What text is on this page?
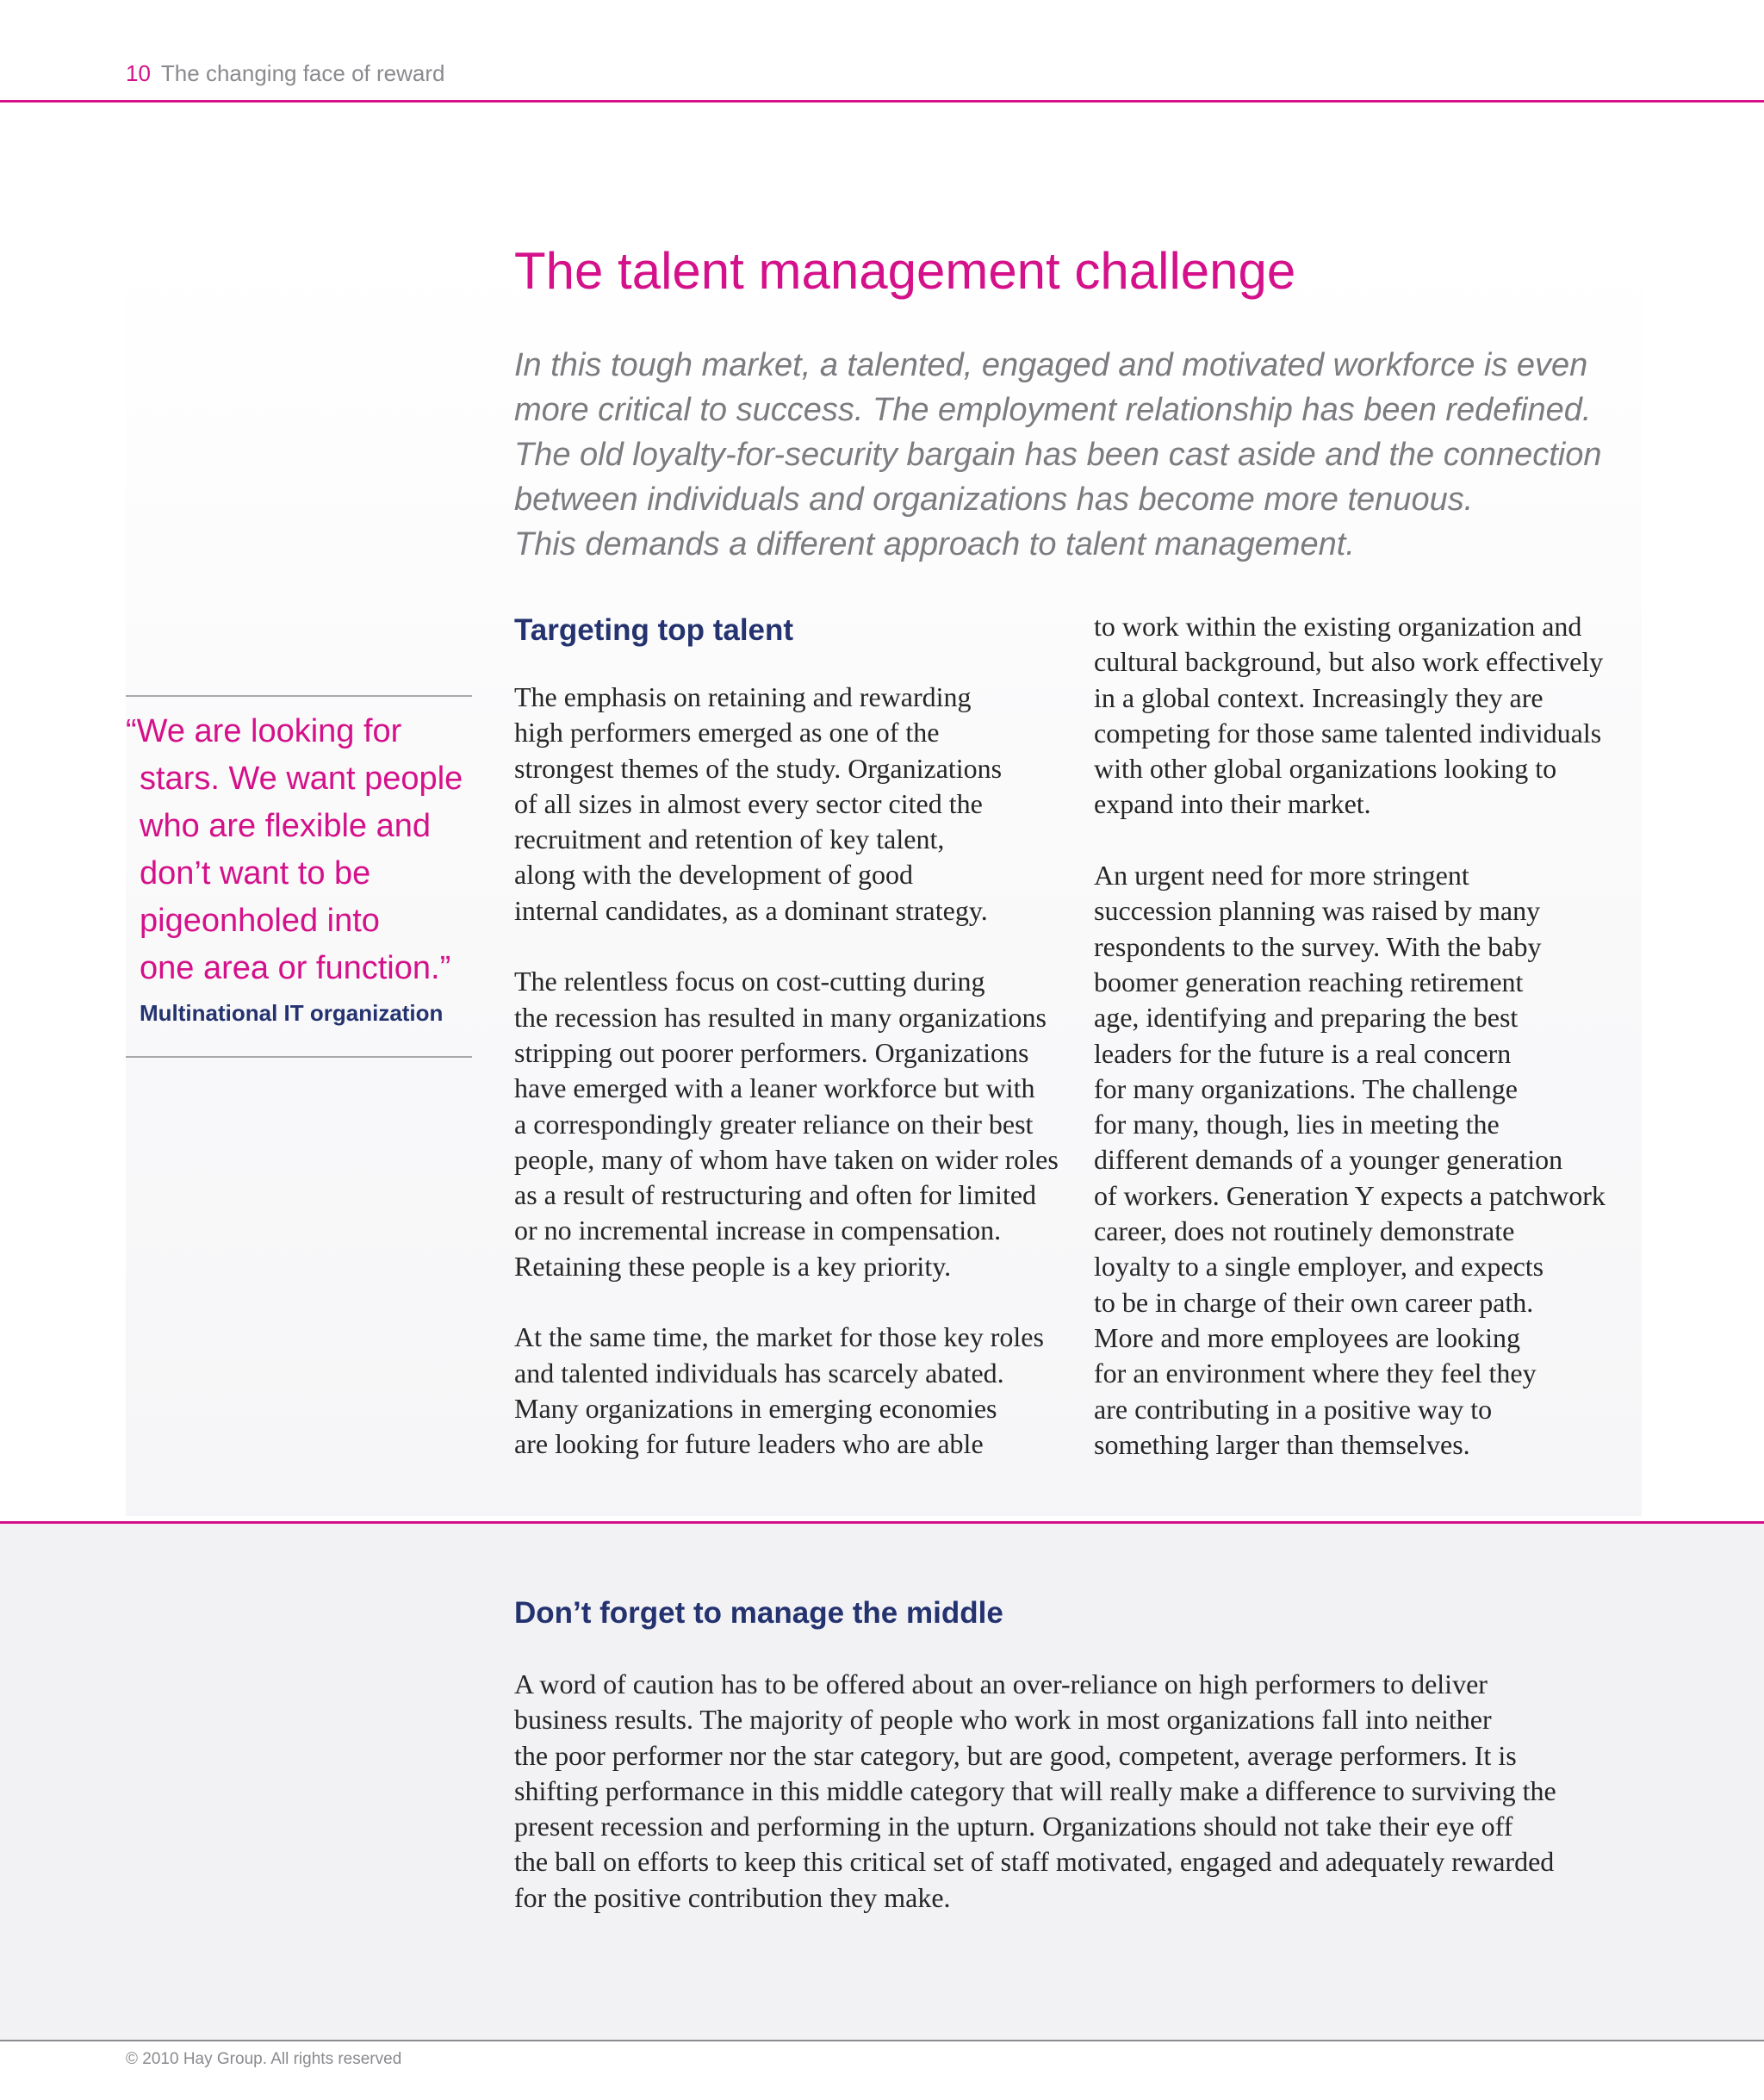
10 The changing face of reward
The talent management challenge

In this tough market, a talented, engaged and motivated workforce is even

more critical to success. The employment relationship has been redefined.

The old loyalty-for-security bargain has been cast aside and the connection

between individuals and organizations has become more tenuous.

This demands a different approach to talent management.

Targeting top talent

The emphasis on retaining and rewarding
high performers emerged as one of the
strongest themes of the study. Organizations
of all sizes in almost every sector cited the
recruitment and retention of key talent,
along with the development of good
internal candidates, as a dominant strategy.

The relentless focus on cost-cutting during
the recession has resulted in many organizations
stripping out poorer performers. Organizations
have emerged with a leaner workforce but with
a correspondingly greater reliance on their best
people, many of whom have taken on wider roles
as a result of restructuring and often for limited
or no incremental increase in compensation.
Retaining these people is a key priority.

At the same time, the market for those key roles
and talented individuals has scarcely abated.
Many organizations in emerging economies
are looking for future leaders who are able

to work within the existing organization and
cultural background, but also work effectively
in a global context. Increasingly they are
competing for those same talented individuals
with other global organizations looking to
expand into their market.

An urgent need for more stringent
succession planning was raised by many
respondents to the survey. With the baby
boomer generation reaching retirement
age, identifying and preparing the best
leaders for the future is a real concern
for many organizations. The challenge
for many, though, lies in meeting the
different demands of a younger generation
of workers. Generation Y expects a patchwork
career, does not routinely demonstrate
loyalty to a single employer, and expects
to be in charge of their own career path.
More and more employees are looking
for an environment where they feel they
are contributing in a positive way to
something larger than themselves.

“We are looking for

stars. We want people

who are flexible and

don’t want to be

pigeonholed into

one area or function.”

Multinational IT organization
Don’t forget to manage the middle

A word of caution has to be offered about an over-reliance on high performers to deliver

business results. The majority of people who work in most organizations fall into neither

the poor performer nor the star category, but are good, competent, average performers. It is

shifting performance in this middle category that will really make a difference to surviving the

present recession and performing in the upturn. Organizations should not take their eye off

the ball on efforts to keep this critical set of staff motivated, engaged and adequately rewarded

for the positive contribution they make.

© 2010 Hay Group. All rights reserved
